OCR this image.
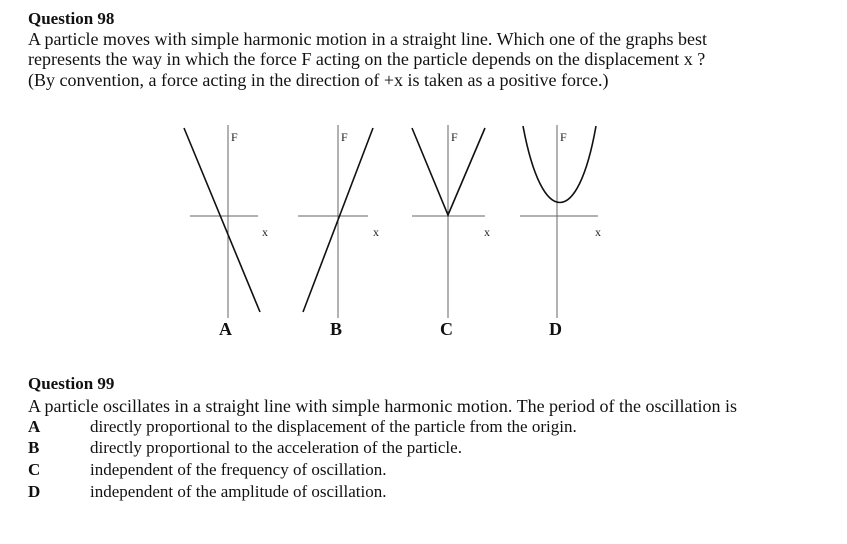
Question 98
A particle moves with simple harmonic motion in a straight line. Which one of the graphs best
represents the way in which the force F acting on the particle depends on the displacement x ?
(By convention, a force acting in the direction of +x is taken as a positive force.)
F
x
A
F
x
B
F
x
C
F
x
D
Question 99
A particle oscillates in a straight line with simple harmonic motion. The period of the oscillation is
A	directly proportional to the displacement of the particle from the origin.
B	directly proportional to the acceleration of the particle.
C	independent of the frequency of oscillation.
D	independent of the amplitude of oscillation.
